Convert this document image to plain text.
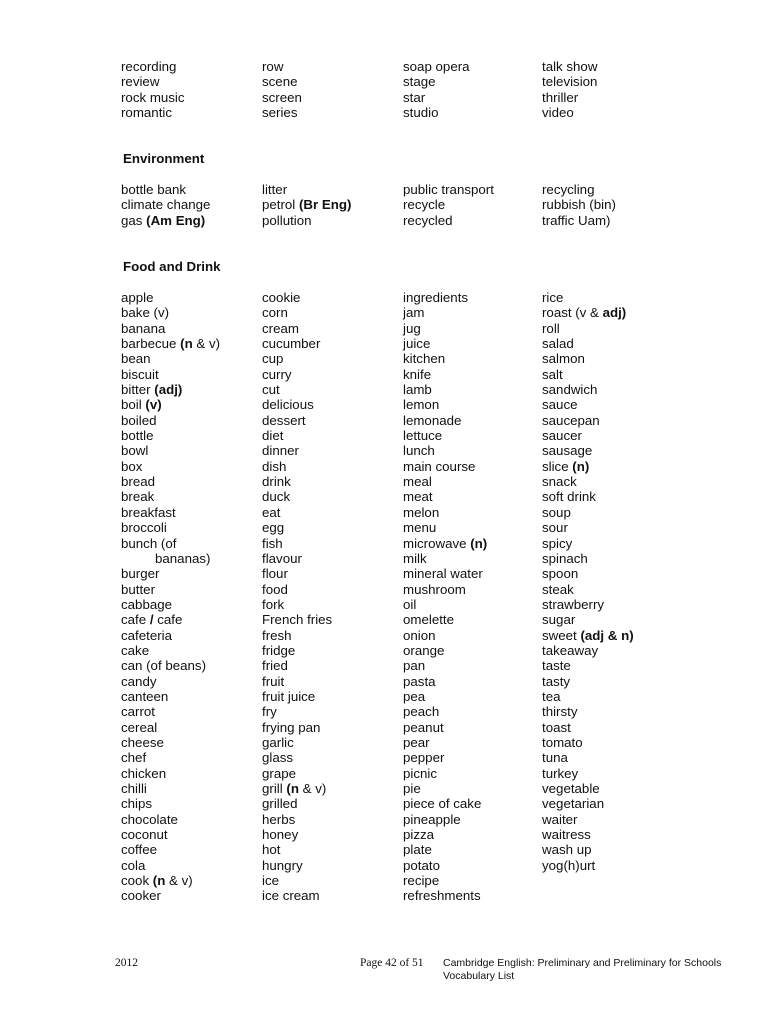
recording
review
rock music
romantic
row
scene
screen
series
soap opera
stage
star
studio
talk show
television
thriller
video
Environment
bottle bank
climate change
gas (Am Eng)
litter
petrol (Br Eng)
pollution
public transport
recycle
recycled
recycling
rubbish (bin)
traffic Uam)
Food and Drink
apple
bake (v)
banana
barbecue (n & v)
bean
biscuit
bitter (adj)
boil (v)
boiled
bottle
bowl
box
bread
break
breakfast
broccoli
bunch (of
bananas)
burger
butter
cabbage
cafe / cafe
cafeteria
cake
can (of beans)
candy
canteen
carrot
cereal
cheese
chef
chicken
chilli
chips
chocolate
coconut
coffee
cola
cook (n & v)
cooker
cookie
corn
cream
cucumber
cup
curry
cut
delicious
dessert
diet
dinner
dish
drink
duck
eat
egg
fish
flavour
flour
food
fork
French fries
fresh
fridge
fried
fruit
fruit juice
fry
frying pan
garlic
glass
grape
grill (n & v)
grilled
herbs
honey
hot
hungry
ice
ice cream
ingredients
jam
jug
juice
kitchen
knife
lamb
lemon
lemonade
lettuce
lunch
main course
meal
meat
melon
menu
microwave (n)
milk
mineral water
mushroom
oil
omelette
onion
orange
pan
pasta
pea
peach
peanut
pear
pepper
picnic
pie
piece of cake
pineapple
pizza
plate
potato
recipe
refreshments
rice
roast (v & adj)
roll
salad
salmon
salt
sandwich
sauce
saucepan
saucer
sausage
slice (n)
snack
soft drink
soup
sour
spicy
spinach
spoon
steak
strawberry
sugar
sweet (adj & n)
takeaway
taste
tasty
tea
thirsty
toast
tomato
tuna
turkey
vegetable
vegetarian
waiter
waitress
wash up
yog(h)urt
2012	Page 42 of 51 Cambridge English: Preliminary and Preliminary for Schools
Vocabulary List
